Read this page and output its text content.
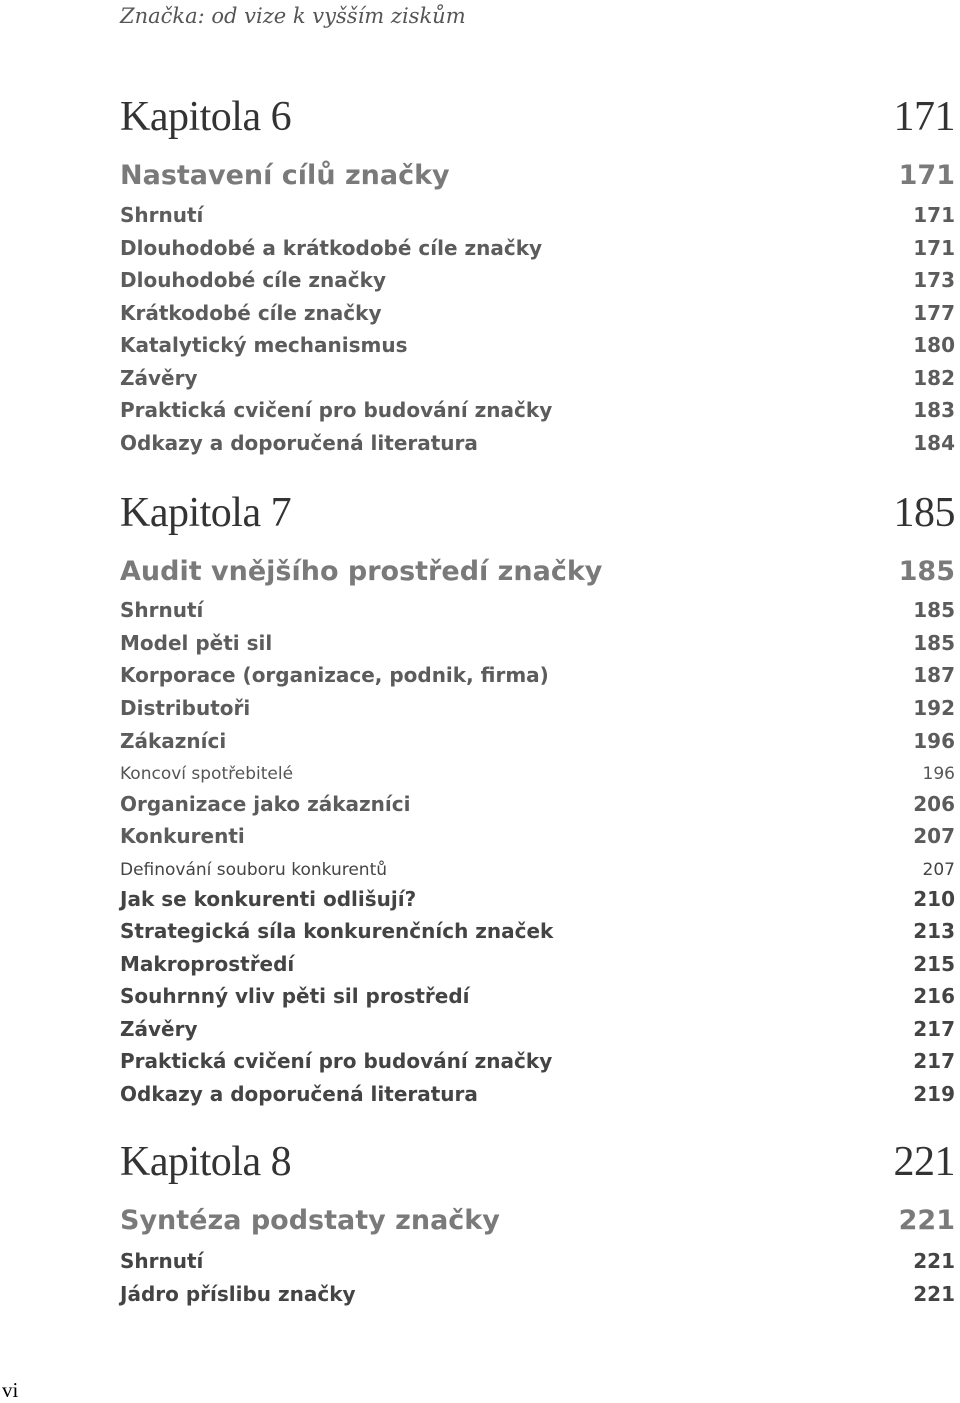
Značka: od vize k vyšším ziskům
Kapitola 6	171
Nastavení cílů značky	171
Shrnutí	171
Dlouhodobé a krátkodobé cíle značky	171
Dlouhodobé cíle značky	173
Krátkodobé cíle značky	177
Katalytický mechanismus	180
Závěry	182
Praktická cvičení pro budování značky	183
Odkazy a doporučená literatura	184
Kapitola 7	185
Audit vnějšího prostředí značky	185
Shrnutí	185
Model pěti sil	185
Korporace (organizace, podnik, firma)	187
Distributoři	192
Zákazníci	196
Koncoví spotřebitelé	196
Organizace jako zákazníci	206
Konkurenti	207
Definování souboru konkurentů	207
Jak se konkurenti odlišují?	210
Strategická síla konkurenčních značek	213
Makroprostředí	215
Souhrnný vliv pěti sil prostředí	216
Závěry	217
Praktická cvičení pro budování značky	217
Odkazy a doporučená literatura	219
Kapitola 8	221
Syntéza podstaty značky	221
Shrnutí	221
Jádro příslibu značky	221
vi
